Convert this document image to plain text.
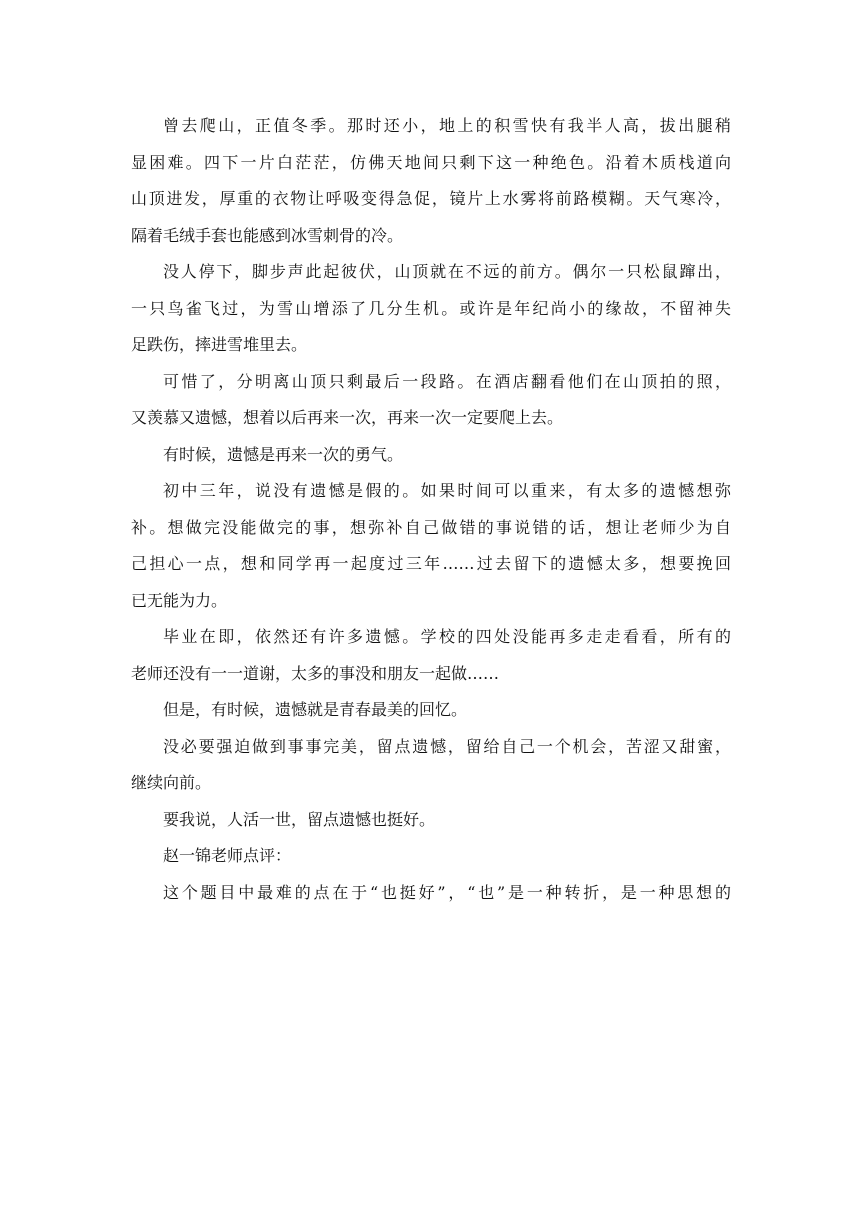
曾去爬山，正值冬季。那时还小，地上的积雪快有我半人高，拔出腿稍
显困难。四下一片白茫茫，仿佛天地间只剩下这一种绝色。沿着木质栈道向
山顶进发，厚重的衣物让呼吸变得急促，镜片上水雾将前路模糊。天气寒冷，
隔着毛绒手套也能感到冰雪刺骨的冷。
没人停下，脚步声此起彼伏，山顶就在不远的前方。偶尔一只松鼠蹿出，
一只鸟雀飞过，为雪山增添了几分生机。或许是年纪尚小的缘故，不留神失
足跌伤，摔进雪堆里去。
可惜了，分明离山顶只剩最后一段路。在酒店翻看他们在山顶拍的照，
又羡慕又遗憾，想着以后再来一次，再来一次一定要爬上去。
有时候，遗憾是再来一次的勇气。
初中三年，说没有遗憾是假的。如果时间可以重来，有太多的遗憾想弥
补。想做完没能做完的事，想弥补自己做错的事说错的话，想让老师少为自
己担心一点，想和同学再一起度过三年……过去留下的遗憾太多，想要挽回
已无能为力。
毕业在即，依然还有许多遗憾。学校的四处没能再多走走看看，所有的
老师还没有一一道谢，太多的事没和朋友一起做……
但是，有时候，遗憾就是青春最美的回忆。
没必要强迫做到事事完美，留点遗憾，留给自己一个机会，苦涩又甜蜜，
继续向前。
要我说，人活一世，留点遗憾也挺好。
赵一锦老师点评：
这个题目中最难的点在于“也挺好”，“也”是一种转折，是一种思想的
